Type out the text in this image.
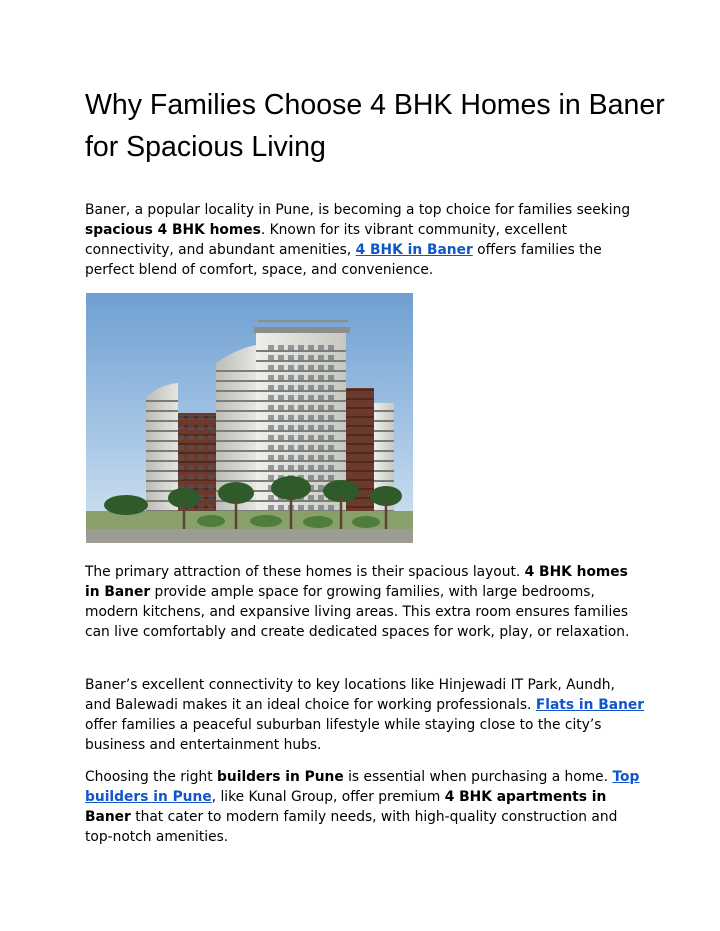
Why Families Choose 4 BHK Homes in Baner for Spacious Living

Baner, a popular locality in Pune, is becoming a top choice for families seeking spacious 4 BHK homes. Known for its vibrant community, excellent connectivity, and abundant amenities, 4 BHK in Baner offers families the perfect blend of comfort, space, and convenience.

The primary attraction of these homes is their spacious layout. 4 BHK homes in Baner provide ample space for growing families, with large bedrooms, modern kitchens, and expansive living areas. This extra room ensures families can live comfortably and create dedicated spaces for work, play, or relaxation.

Baner’s excellent connectivity to key locations like Hinjewadi IT Park, Aundh, and Balewadi makes it an ideal choice for working professionals. Flats in Baner offer families a peaceful suburban lifestyle while staying close to the city’s business and entertainment hubs.

Choosing the right builders in Pune is essential when purchasing a home. Top builders in Pune, like Kunal Group, offer premium 4 BHK apartments in Baner that cater to modern family needs, with high-quality construction and top-notch amenities.
